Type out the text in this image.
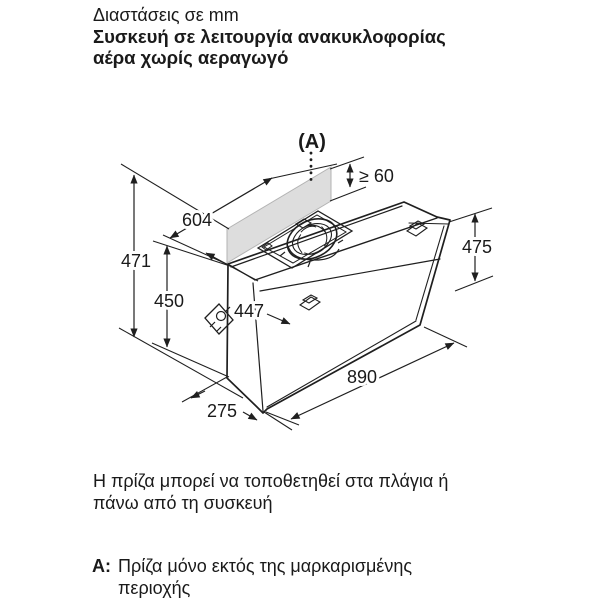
Διαστάσεις σε mm
Συσκευή σε λειτουργία ανακυκλοφορίας
αέρα χωρίς αεραγωγό
(A)
≥ 60
604
471
450	447
475
890
275
Η πρίζα μπορεί να τοποθετηθεί στα πλάγια ή
πάνω από τη συσκευή
A: Πρίζα μόνο εκτός της μαρκαρισμένης
περιοχής
